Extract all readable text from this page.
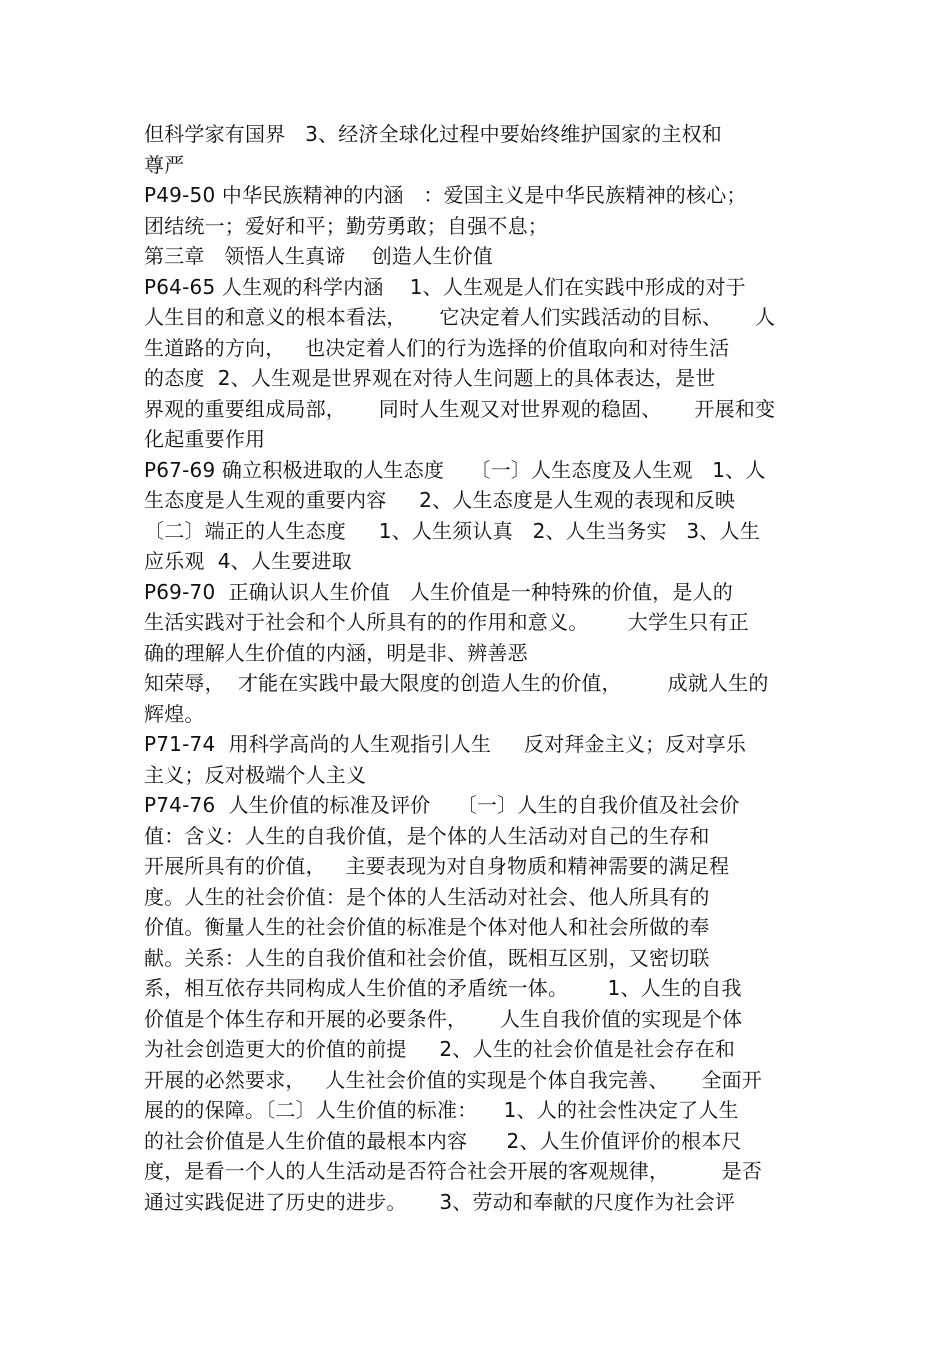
但科学家有国界   3、经济全球化过程中要始终维护国家的主权和
尊严
P49-50 中华民族精神的内涵   ：爱国主义是中华民族精神的核心；
团结统一；爱好和平；勤劳勇敢；自强不息；
第三章   领悟人生真谛    创造人生价值
P64-65 人生观的科学内涵    1、人生观是人们在实践中形成的对于
人生目的和意义的根本看法，     它决定着人们实践活动的目标、     人
生道路的方向，   也决定着人们的行为选择的价值取向和对待生活
的态度  2、人生观是世界观在对待人生问题上的具体表达，是世
界观的重要组成局部，     同时人生观又对世界观的稳固、     开展和变
化起重要作用
P67-69 确立积极进取的人生态度    〔一〕人生态度及人生观   1、人
生态度是人生观的重要内容     2、人生态度是人生观的表现和反映
〔二〕端正的人生态度     1、人生须认真   2、人生当务实   3、人生
应乐观  4、人生要进取
P69-70  正确认识人生价值   人生价值是一种特殊的价值，是人的
生活实践对于社会和个人所具有的的作用和意义。      大学生只有正
确的理解人生价值的内涵，明是非、辨善恶
知荣辱，  才能在实践中最大限度的创造人生的价值，       成就人生的
辉煌。
P71-74  用科学高尚的人生观指引人生     反对拜金主义；反对享乐
主义；反对极端个人主义
P74-76  人生价值的标准及评价    〔一〕人生的自我价值及社会价
值：含义：人生的自我价值，是个体的人生活动对自己的生存和
开展所具有的价值，   主要表现为对自身物质和精神需要的满足程
度。人生的社会价值：是个体的人生活动对社会、他人所具有的
价值。衡量人生的社会价值的标准是个体对他人和社会所做的奉
献。关系：人生的自我价值和社会价值，既相互区别，又密切联
系，相互依存共同构成人生价值的矛盾统一体。      1、人生的自我
价值是个体生存和开展的必要条件，     人生自我价值的实现是个体
为社会创造更大的价值的前提     2、人生的社会价值是社会存在和
开展的必然要求，   人生社会价值的实现是个体自我完善、     全面开
展的的保障。〔二〕人生价值的标准：    1、人的社会性决定了人生
的社会价值是人生价值的最根本内容      2、人生价值评价的根本尺
度，是看一个人的人生活动是否符合社会开展的客观规律，        是否
通过实践促进了历史的进步。     3、劳动和奉献的尺度作为社会评
